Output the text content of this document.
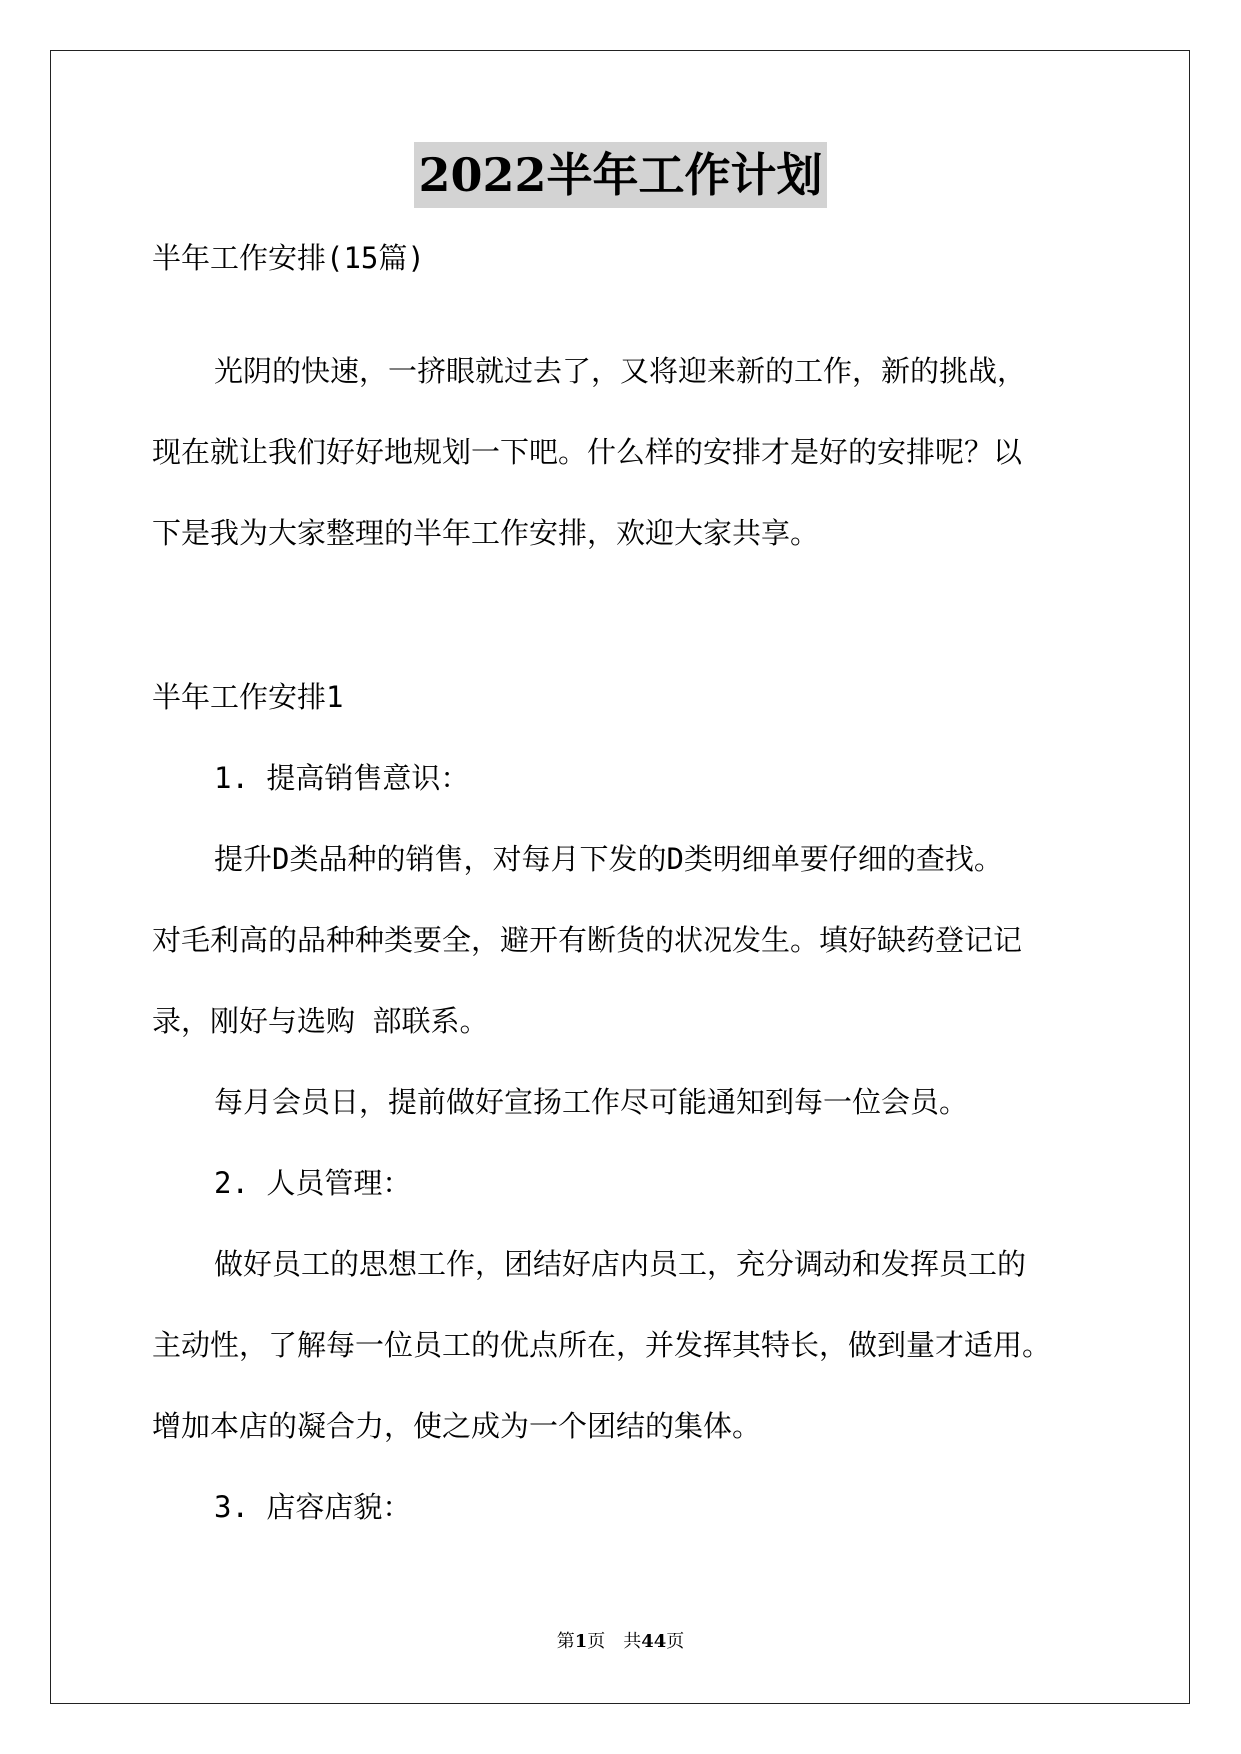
2022半年工作计划
半年工作安排(15篇)
光阴的快速，一挤眼就过去了，又将迎来新的工作，新的挑战，
现在就让我们好好地规划一下吧。什么样的安排才是好的安排呢？以
下是我为大家整理的半年工作安排，欢迎大家共享。
半年工作安排1
1. 提高销售意识：
提升D类品种的销售，对每月下发的D类明细单要仔细的查找。
对毛利高的品种种类要全，避开有断货的状况发生。填好缺药登记记
录，刚好与选购 部联系。
每月会员日，提前做好宣扬工作尽可能通知到每一位会员。
2. 人员管理：
做好员工的思想工作，团结好店内员工，充分调动和发挥员工的
主动性，了解每一位员工的优点所在，并发挥其特长，做到量才适用。
增加本店的凝合力，使之成为一个团结的集体。
3. 店容店貌：
第1页　共44页
